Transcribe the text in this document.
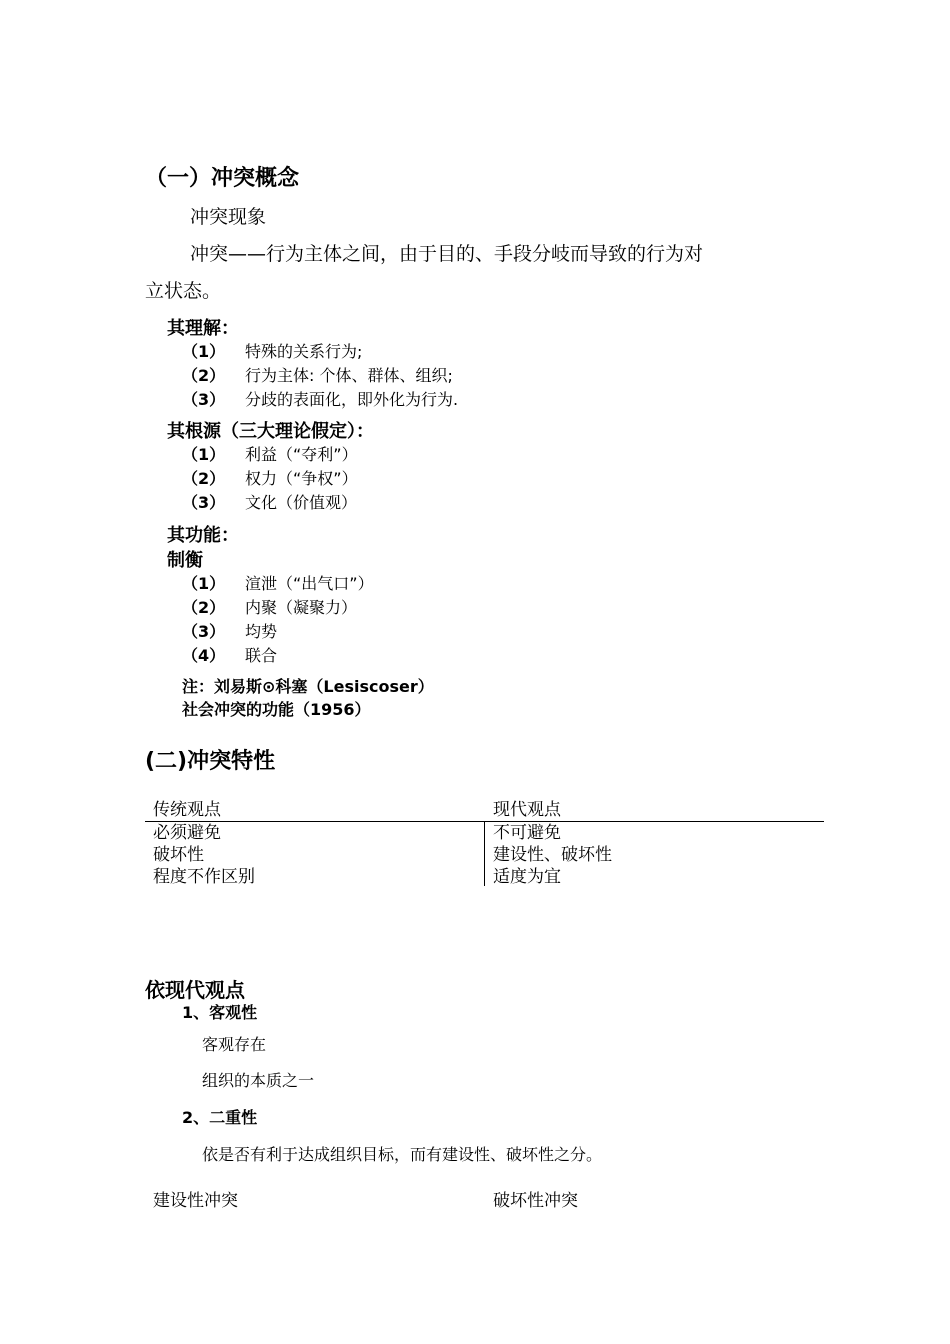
（一）冲突概念
冲突现象
冲突——行为主体之间，由于目的、手段分岐而导致的行为对
立状态。
其理解：
（1） 特殊的关系行为;
（2） 行为主体: 个体、群体、组织;
（3） 分歧的表面化，即外化为行为.
其根源（三大理论假定）：
（1） 利益（“夺利”）
（2） 权力（“争权”）
（3） 文化（价值观）
其功能：
制衡
（1） 渲泄（“出气口”）
（2） 内聚（凝聚力）
（3） 均势
（4） 联合
注：刘易斯⊙科塞（Lesiscoser）
社会冲突的功能（1956）
(二)冲突特性
传统观点	现代观点
必须避免	不可避免
破坏性	建设性、破坏性
程度不作区别	适度为宜
依现代观点
1、客观性
客观存在
组织的本质之一
2、二重性
依是否有利于达成组织目标，而有建设性、破坏性之分。
建设性冲突	破坏性冲突
